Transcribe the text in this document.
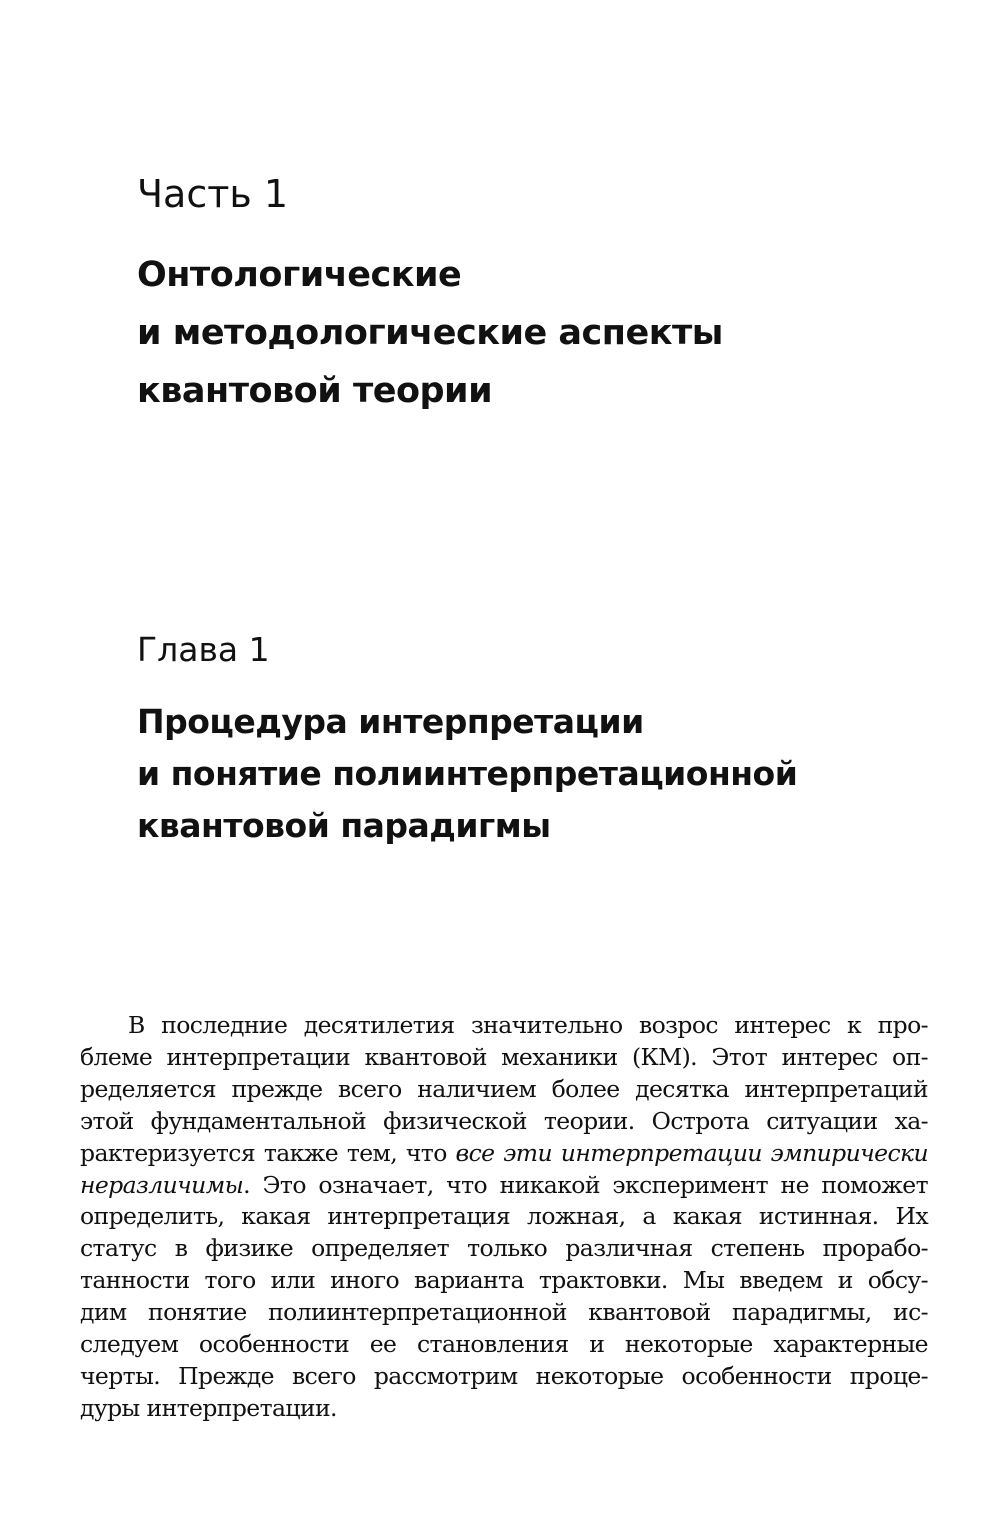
Часть 1
Онтологические
и методологические аспекты
квантовой теории
Глава 1
Процедура интерпретации
и понятие полиинтерпретационной
квантовой парадигмы

В последние десятилетия значительно возрос интерес к про-
блеме интерпретации квантовой механики (КМ). Этот интерес оп-
ределяется прежде всего наличием более десятка интерпретаций
этой фундаментальной физической теории. Острота ситуации ха-
рактеризуется также тем, что все эти интерпретации эмпирически
неразличимы. Это означает, что никакой эксперимент не поможет
определить, какая интерпретация ложная, а какая истинная. Их
статус в физике определяет только различная степень прорабо-
танности того или иного варианта трактовки. Мы введем и обсу-
дим понятие полиинтерпретационной квантовой парадигмы, ис-
следуем особенности ее становления и некоторые характерные
черты. Прежде всего рассмотрим некоторые особенности проце-
дуры интерпретации.
